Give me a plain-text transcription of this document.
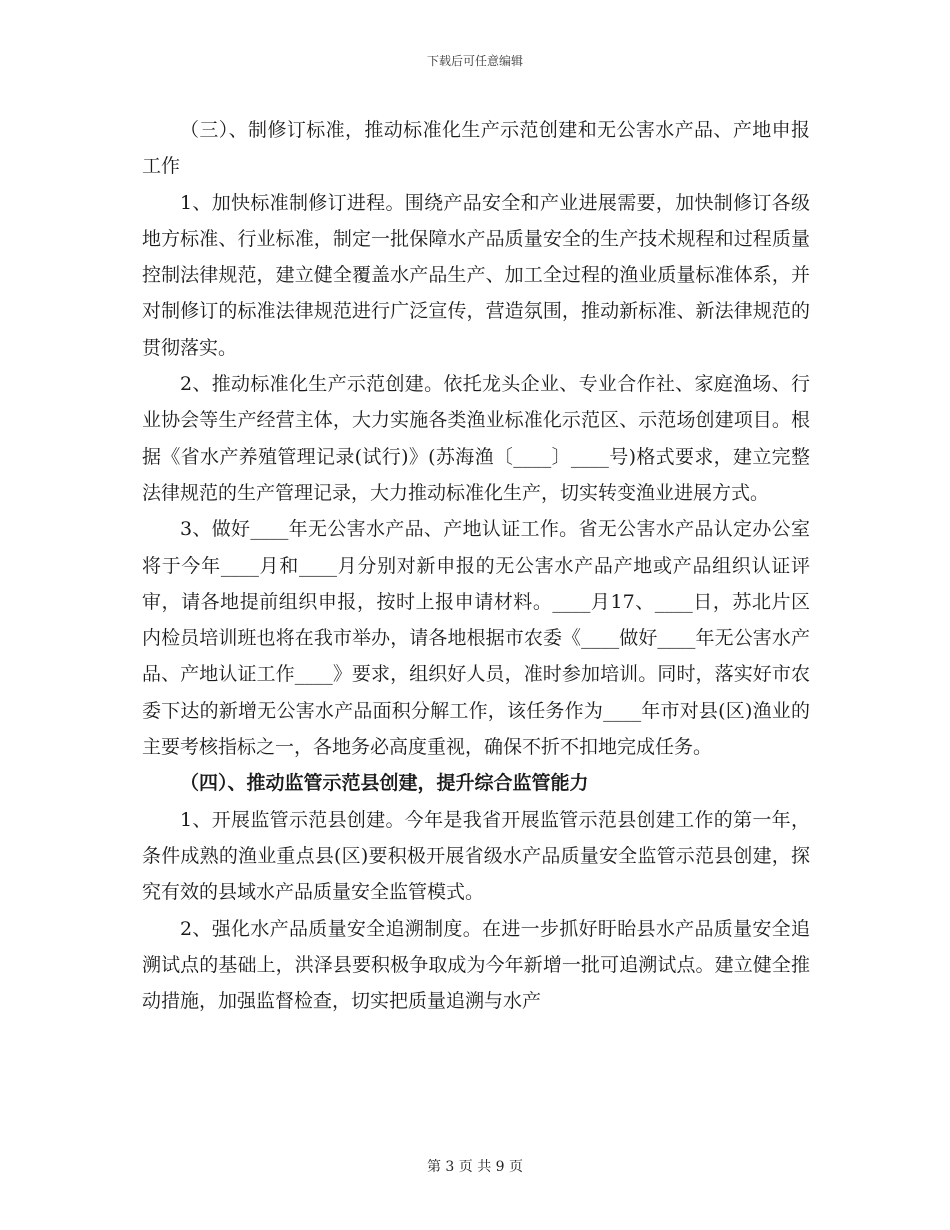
下载后可任意编辑

（三）、制修订标准，推动标准化生产示范创建和无公害水产品、产地申报工作

1、加快标准制修订进程。围绕产品安全和产业进展需要，加快制修订各级地方标准、行业标准，制定一批保障水产品质量安全的生产技术规程和过程质量控制法律规范，建立健全覆盖水产品生产、加工全过程的渔业质量标准体系，并对制修订的标准法律规范进行广泛宣传，营造氛围，推动新标准、新法律规范的贯彻落实。

2、推动标准化生产示范创建。依托龙头企业、专业合作社、家庭渔场、行业协会等生产经营主体，大力实施各类渔业标准化示范区、示范场创建项目。根据《省水产养殖管理记录(试行)》(苏海渔〔____〕____号)格式要求，建立完整法律规范的生产管理记录，大力推动标准化生产，切实转变渔业进展方式。

3、做好____年无公害水产品、产地认证工作。省无公害水产品认定办公室将于今年____月和____月分别对新申报的无公害水产品产地或产品组织认证评审，请各地提前组织申报，按时上报申请材料。____月17、____日，苏北片区内检员培训班也将在我市举办，请各地根据市农委《____做好____年无公害水产品、产地认证工作____》要求，组织好人员，准时参加培训。同时，落实好市农委下达的新增无公害水产品面积分解工作，该任务作为____年市对县(区)渔业的主要考核指标之一，各地务必高度重视，确保不折不扣地完成任务。

（四）、推动监管示范县创建，提升综合监管能力

1、开展监管示范县创建。今年是我省开展监管示范县创建工作的第一年，条件成熟的渔业重点县(区)要积极开展省级水产品质量安全监管示范县创建，探究有效的县域水产品质量安全监管模式。

2、强化水产品质量安全追溯制度。在进一步抓好盱眙县水产品质量安全追溯试点的基础上，洪泽县要积极争取成为今年新增一批可追溯试点。建立健全推动措施，加强监督检查，切实把质量追溯与水产

第 3 页 共 9 页
